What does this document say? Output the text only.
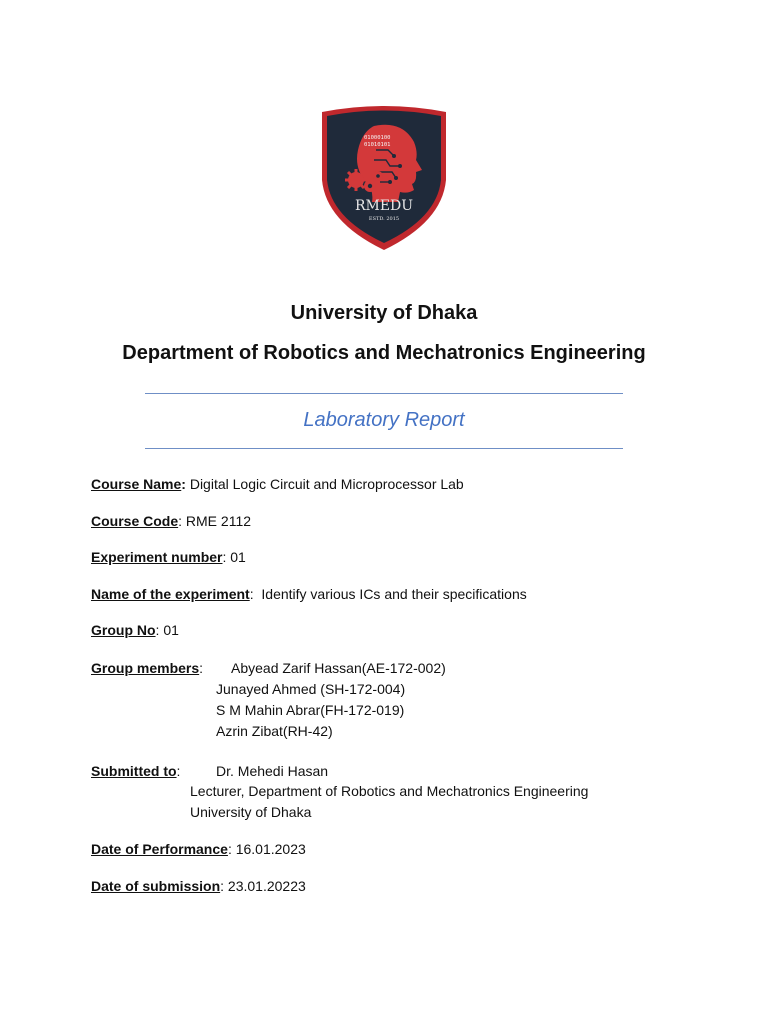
01000100
01010101
RMEDU
ESTD. 2015
University of Dhaka
Department of Robotics and Mechatronics Engineering
Laboratory Report
Course Name: Digital Logic Circuit and Microprocessor Lab
Course Code: RME 2112
Experiment number: 01
Name of the experiment:  Identify various ICs and their specifications
Group No: 01
Group members: Abyead Zarif Hassan(AE-172-002)
Junayed Ahmed (SH-172-004)
S M Mahin Abrar(FH-172-019)
Azrin Zibat(RH-42)
Submitted to:	Dr. Mehedi Hasan
Lecturer, Department of Robotics and Mechatronics Engineering
University of Dhaka
Date of Performance: 16.01.2023
Date of submission: 23.01.20223
